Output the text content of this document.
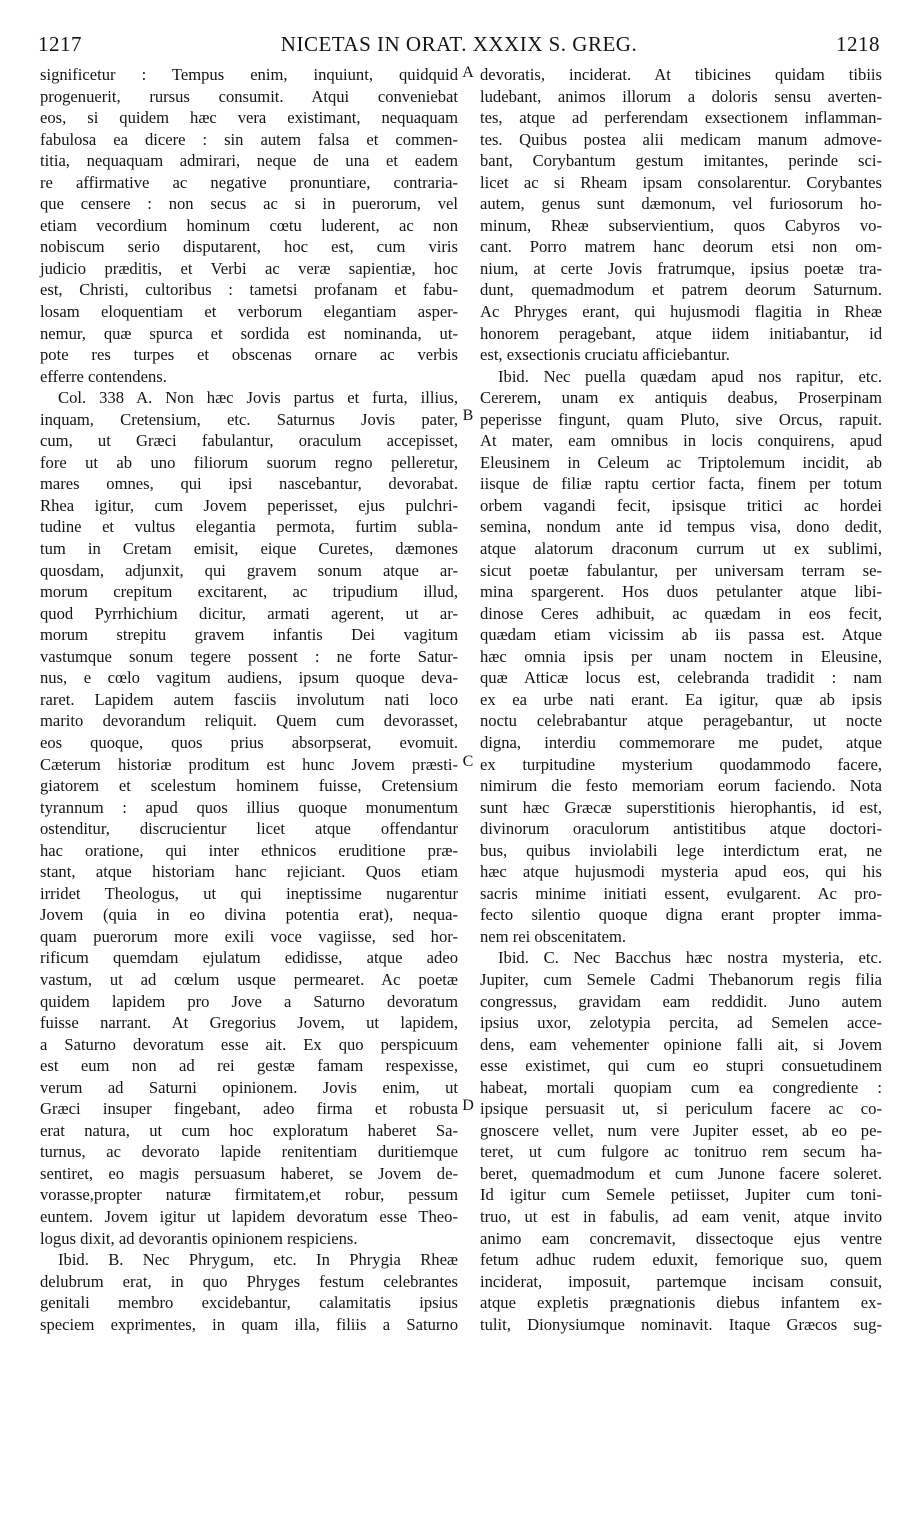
1217	NICETAS IN ORAT. XXXIX S. GREG.	1218
significetur : Tempus enim, inquiunt, quidquid
progenuerit, rursus consumit. Atqui conveniebat
eos, si quidem hæc vera existimant, nequaquam
fabulosa ea dicere : sin autem falsa et commen-
titia, nequaquam admirari, neque de una et eadem
re affirmative ac negative pronuntiare, contraria-
que censere : non secus ac si in puerorum, vel
etiam vecordium hominum cœtu luderent, ac non
nobiscum serio disputarent, hoc est, cum viris
judicio præditis, et Verbi ac veræ sapientiæ, hoc
est, Christi, cultoribus : tametsi profanam et fabu-
losam eloquentiam et verborum elegantiam asper-
nemur, quæ spurca et sordida est nominanda, ut-
pote res turpes et obscenas ornare ac verbis
efferre contendens.
Col. 338 A. Non hæc Jovis partus et furta, illius,
inquam, Cretensium, etc. Saturnus Jovis pater,
cum, ut Græci fabulantur, oraculum accepisset,
fore ut ab uno filiorum suorum regno pelleretur,
mares omnes, qui ipsi nascebantur, devorabat.
Rhea igitur, cum Jovem peperisset, ejus pulchri-
tudine et vultus elegantia permota, furtim subla-
tum in Cretam emisit, eique Curetes, dæmones
quosdam, adjunxit, qui gravem sonum atque ar-
morum crepitum excitarent, ac tripudium illud,
quod Pyrrhichium dicitur, armati agerent, ut ar-
morum strepitu gravem infantis Dei vagitum
vastumque sonum tegere possent : ne forte Satur-
nus, e cœlo vagitum audiens, ipsum quoque deva-
raret. Lapidem autem fasciis involutum nati loco
marito devorandum reliquit. Quem cum devorasset,
eos quoque, quos prius absorpserat, evomuit.
Cæterum historiæ proditum est hunc Jovem præsti-
giatorem et scelestum hominem fuisse, Cretensium
tyrannum : apud quos illius quoque monumentum
ostenditur, discrucientur licet atque offendantur
hac oratione, qui inter ethnicos eruditione præ-
stant, atque historiam hanc rejiciant. Quos etiam
irridet Theologus, ut qui ineptissime nugarentur
Jovem (quia in eo divina potentia erat), nequa-
quam puerorum more exili voce vagiisse, sed hor-
rificum quemdam ejulatum edidisse, atque adeo
vastum, ut ad cœlum usque permearet. Ac poetæ
quidem lapidem pro Jove a Saturno devoratum
fuisse narrant. At Gregorius Jovem, ut lapidem,
a Saturno devoratum esse ait. Ex quo perspicuum
est eum non ad rei gestæ famam respexisse,
verum ad Saturni opinionem. Jovis enim, ut
Græci insuper fingebant, adeo firma et robusta
erat natura, ut cum hoc exploratum haberet Sa-
turnus, ac devorato lapide renitentiam duritiemque
sentiret, eo magis persuasum haberet, se Jovem de-
vorasse,propter naturæ firmitatem,et robur, pessum
euntem. Jovem igitur ut lapidem devoratum esse Theo-
logus dixit, ad devorantis opinionem respiciens.
Ibid. B. Nec Phrygum, etc. In Phrygia Rheæ
delubrum erat, in quo Phryges festum celebrantes
genitali membro excidebantur, calamitatis ipsius
speciem exprimentes, in quam illa, filiis a Saturno
devoratis, inciderat. At tibicines quidam tibiis
ludebant, animos illorum a doloris sensu averten-
tes, atque ad perferendam exsectionem inflamman-
tes. Quibus postea alii medicam manum admove-
bant, Corybantum gestum imitantes, perinde sci-
licet ac si Rheam ipsam consolarentur. Corybantes
autem, genus sunt dæmonum, vel furiosorum ho-
minum, Rheæ subservientium, quos Cabyros vo-
cant. Porro matrem hanc deorum etsi non om-
nium, at certe Jovis fratrumque, ipsius poetæ tra-
dunt, quemadmodum et patrem deorum Saturnum.
Ac Phryges erant, qui hujusmodi flagitia in Rheæ
honorem peragebant, atque iidem initiabantur, id
est, exsectionis cruciatu afficiebantur.
Ibid. Nec puella quædam apud nos rapitur, etc.
Cererem, unam ex antiquis deabus, Proserpinam
peperisse fingunt, quam Pluto, sive Orcus, rapuit.
At mater, eam omnibus in locis conquirens, apud
Eleusinem in Celeum ac Triptolemum incidit, ab
iisque de filiæ raptu certior facta, finem per totum
orbem vagandi fecit, ipsisque tritici ac hordei
semina, nondum ante id tempus visa, dono dedit,
atque alatorum draconum currum ut ex sublimi,
sicut poetæ fabulantur, per universam terram se-
mina spargerent. Hos duos petulanter atque libi-
dinose Ceres adhibuit, ac quædam in eos fecit,
quædam etiam vicissim ab iis passa est. Atque
hæc omnia ipsis per unam noctem in Eleusine,
quæ Atticæ locus est, celebranda tradidit : nam
ex ea urbe nati erant. Ea igitur, quæ ab ipsis
noctu celebrabantur atque peragebantur, ut nocte
digna, interdiu commemorare me pudet, atque
ex turpitudine mysterium quodammodo facere,
nimirum die festo memoriam eorum faciendo. Nota
sunt hæc Græcæ superstitionis hierophantis, id est,
divinorum oraculorum antistitibus atque doctori-
bus, quibus inviolabili lege interdictum erat, ne
hæc atque hujusmodi mysteria apud eos, qui his
sacris minime initiati essent, evulgarent. Ac pro-
fecto silentio quoque digna erant propter imma-
nem rei obscenitatem.
Ibid. C. Nec Bacchus hæc nostra mysteria, etc.
Jupiter, cum Semele Cadmi Thebanorum regis filia
congressus, gravidam eam reddidit. Juno autem
ipsius uxor, zelotypia percita, ad Semelen acce-
dens, eam vehementer opinione falli ait, si Jovem
esse existimet, qui cum eo stupri consuetudinem
habeat, mortali quopiam cum ea congrediente :
ipsique persuasit ut, si periculum facere ac co-
gnoscere vellet, num vere Jupiter esset, ab eo pe-
teret, ut cum fulgore ac tonitruo rem secum ha-
beret, quemadmodum et cum Junone facere soleret.
Id igitur cum Semele petiisset, Jupiter cum toni-
truo, ut est in fabulis, ad eam venit, atque invito
animo eam concremavit, dissectoque ejus ventre
fetum adhuc rudem eduxit, femorique suo, quem
inciderat, imposuit, partemque incisam consuit,
atque expletis prægnationis diebus infantem ex-
tulit, Dionysiumque nominavit. Itaque Græcos sug-
A
B
C
D
